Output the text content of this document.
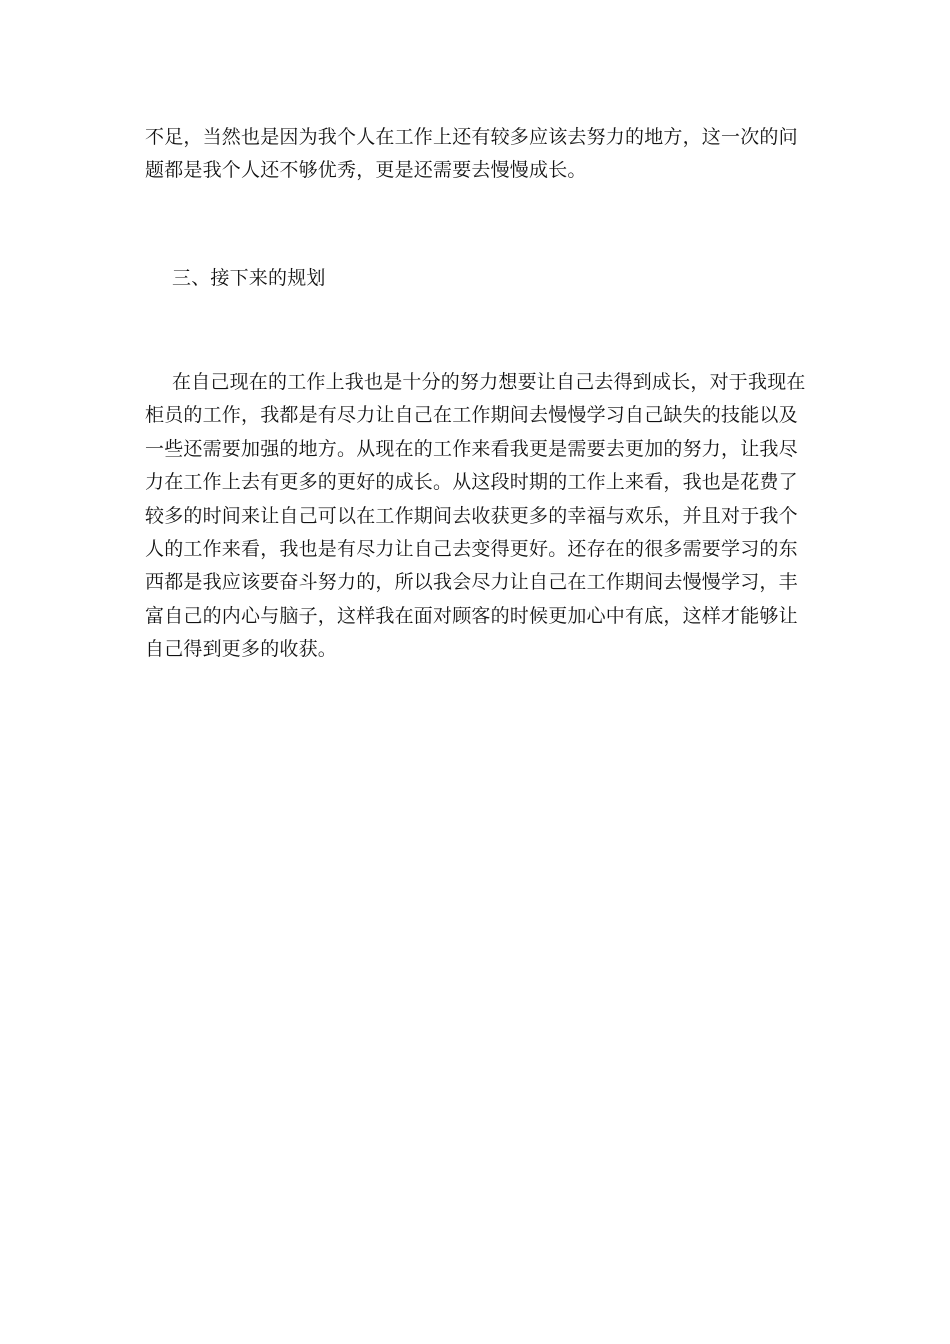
不足，当然也是因为我个人在工作上还有较多应该去努力的地方，这一次的问
题都是我个人还不够优秀，更是还需要去慢慢成长。

三、接下来的规划

在自己现在的工作上我也是十分的努力想要让自己去得到成长，对于我现在
柜员的工作，我都是有尽力让自己在工作期间去慢慢学习自己缺失的技能以及
一些还需要加强的地方。从现在的工作来看我更是需要去更加的努力，让我尽
力在工作上去有更多的更好的成长。从这段时期的工作上来看，我也是花费了
较多的时间来让自己可以在工作期间去收获更多的幸福与欢乐，并且对于我个
人的工作来看，我也是有尽力让自己去变得更好。还存在的很多需要学习的东
西都是我应该要奋斗努力的，所以我会尽力让自己在工作期间去慢慢学习，丰
富自己的内心与脑子，这样我在面对顾客的时候更加心中有底，这样才能够让
自己得到更多的收获。
